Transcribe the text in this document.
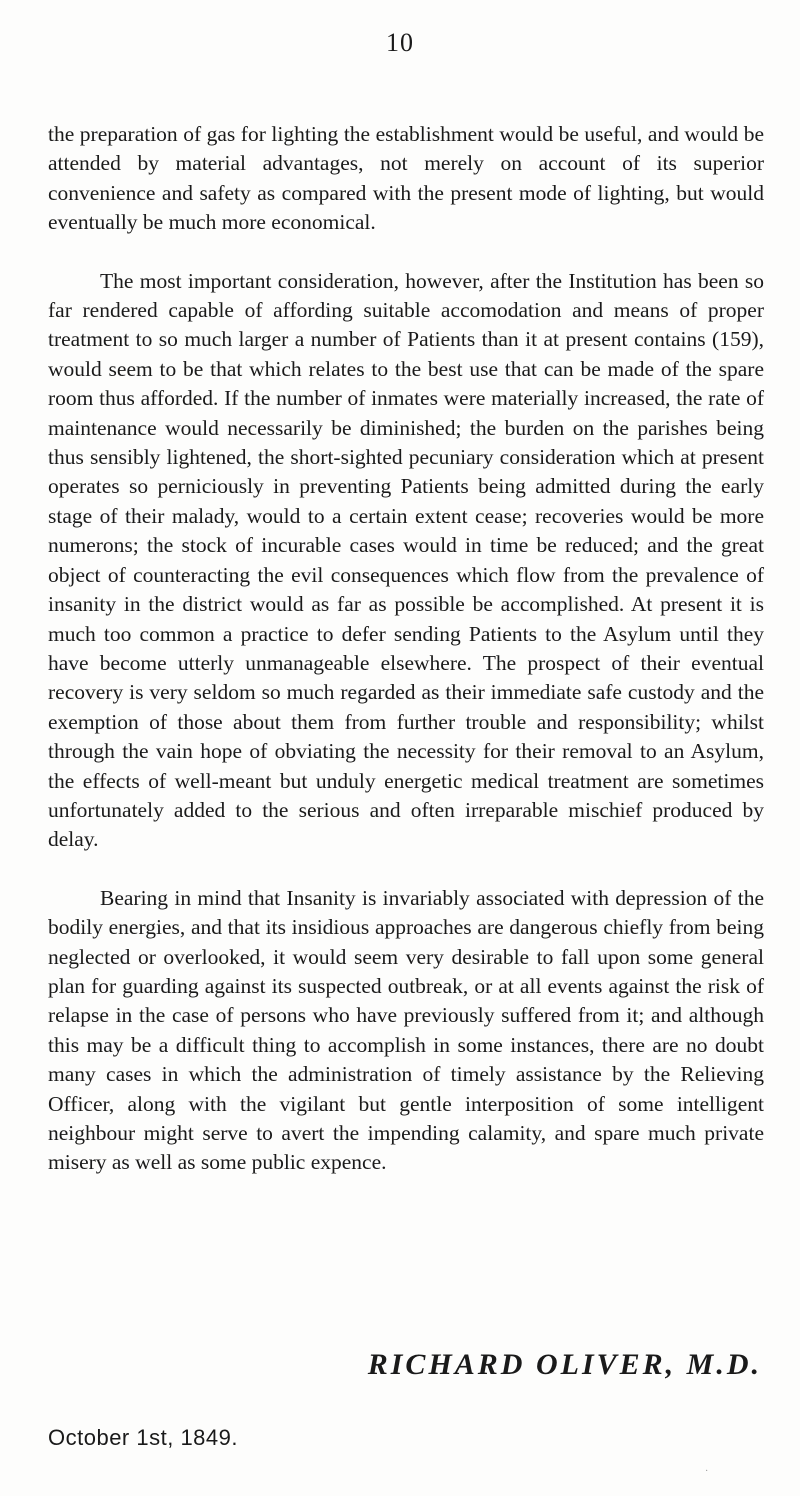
10

the preparation of gas for lighting the establishment would be useful, and would be attended by material advantages, not merely on account of its superior convenience and safety as compared with the present mode of lighting, but would eventually be much more economical.

The most important consideration, however, after the Institution has been so far rendered capable of affording suitable accomodation and means of proper treatment to so much larger a number of Patients than it at present contains (159), would seem to be that which relates to the best use that can be made of the spare room thus afforded. If the number of inmates were materially increased, the rate of maintenance would necessarily be diminished; the burden on the parishes being thus sensibly lightened, the short-sighted pecuniary consideration which at present operates so perniciously in preventing Patients being admitted during the early stage of their malady, would to a certain extent cease; recoveries would be more numerons; the stock of incurable cases would in time be reduced; and the great object of counteracting the evil consequences which flow from the prevalence of insanity in the district would as far as possible be accomplished. At present it is much too common a practice to defer sending Patients to the Asylum until they have become utterly unmanageable elsewhere. The prospect of their eventual recovery is very seldom so much regarded as their immediate safe custody and the exemption of those about them from further trouble and responsibility; whilst through the vain hope of obviating the necessity for their removal to an Asylum, the effects of well-meant but unduly energetic medical treatment are sometimes unfortunately added to the serious and often irreparable mischief produced by delay.

Bearing in mind that Insanity is invariably associated with depression of the bodily energies, and that its insidious approaches are dangerous chiefly from being neglected or overlooked, it would seem very desirable to fall upon some general plan for guarding against its suspected outbreak, or at all events against the risk of relapse in the case of persons who have previously suffered from it; and although this may be a difficult thing to accomplish in some instances, there are no doubt many cases in which the administration of timely assistance by the Relieving Officer, along with the vigilant but gentle interposition of some intelligent neighbour might serve to avert the impending calamity, and spare much private misery as well as some public expence.

RICHARD OLIVER, M.D.
October 1st, 1849.
·
